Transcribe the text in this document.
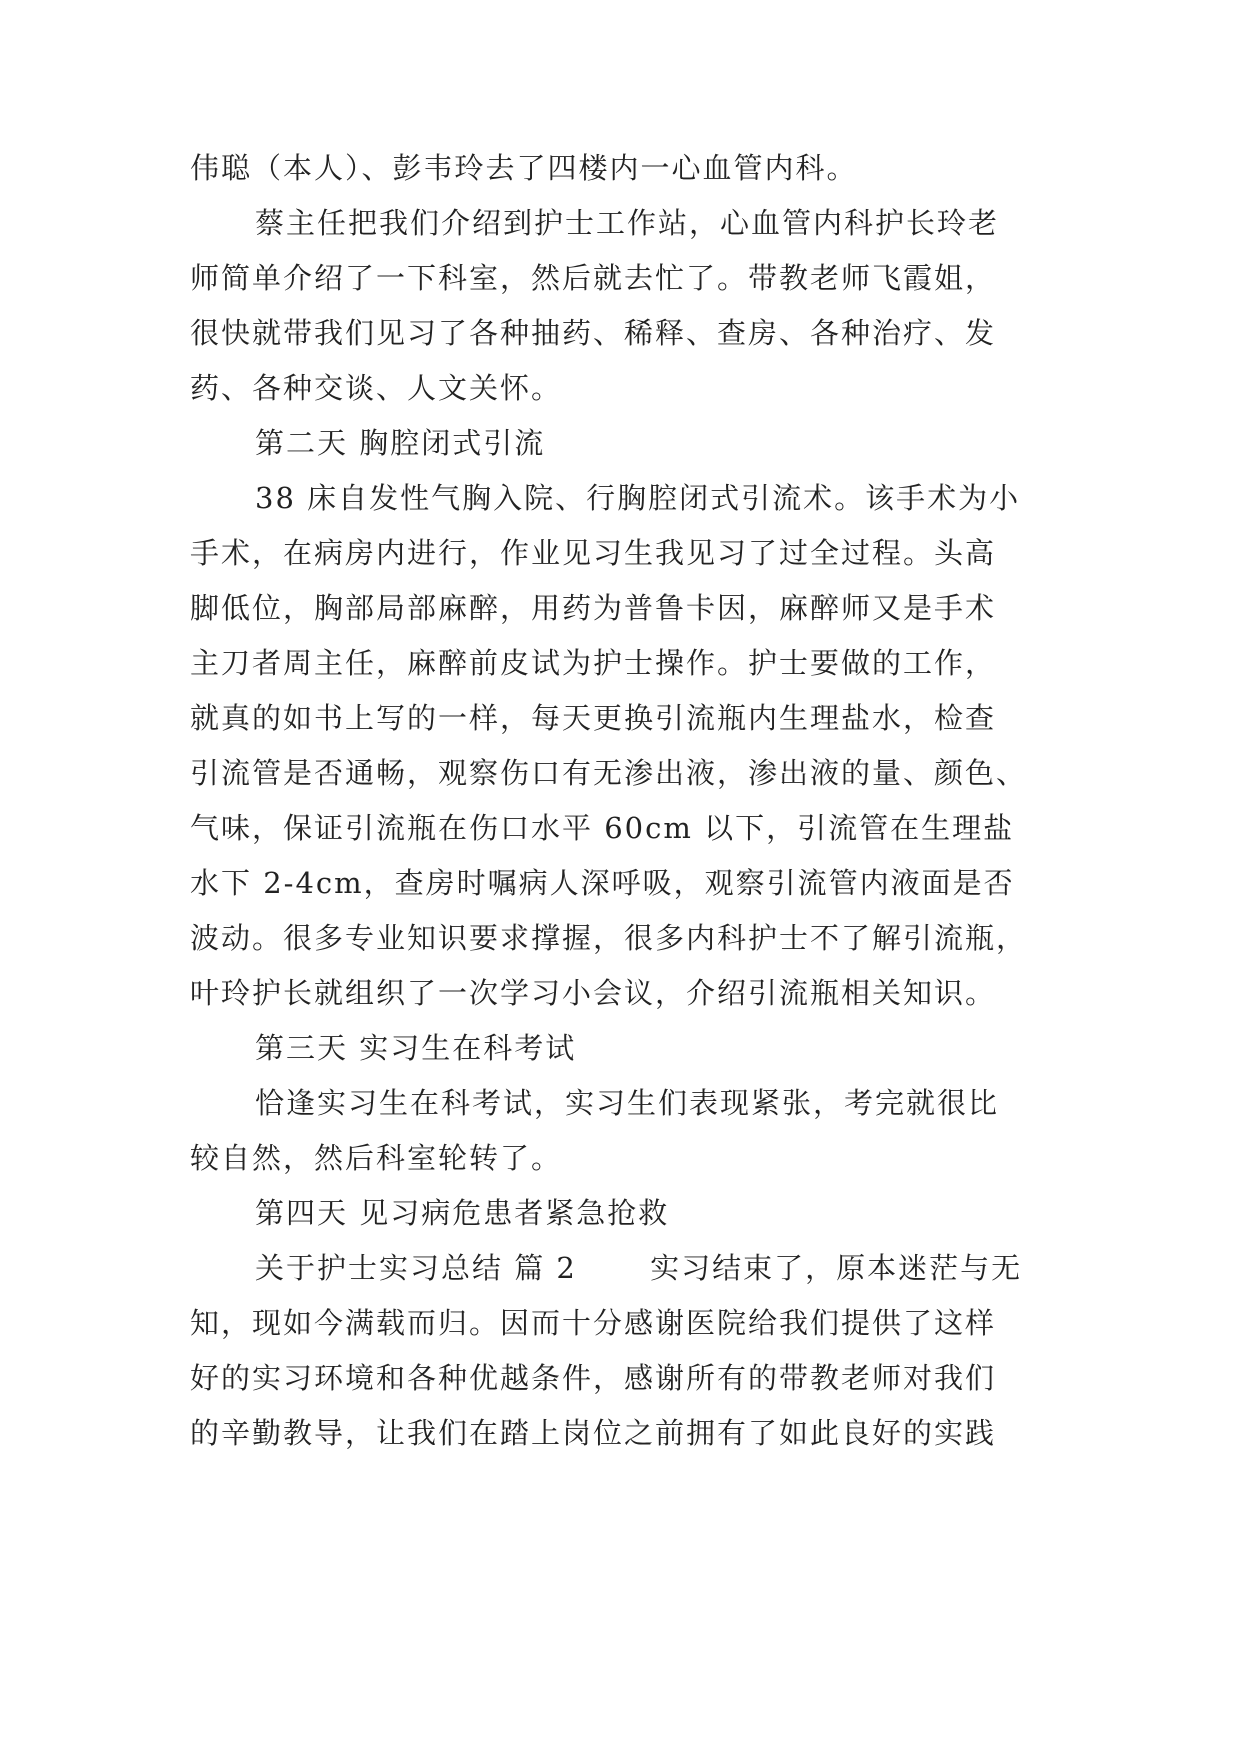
伟聪（本人）、彭韦玲去了四楼内一心血管内科。

蔡主任把我们介绍到护士工作站，心血管内科护长玲老

师简单介绍了一下科室，然后就去忙了。带教老师飞霞姐，

很快就带我们见习了各种抽药、稀释、查房、各种治疗、发

药、各种交谈、人文关怀。

第二天 胸腔闭式引流

38 床自发性气胸入院、行胸腔闭式引流术。该手术为小

手术，在病房内进行，作业见习生我见习了过全过程。头高

脚低位，胸部局部麻醉，用药为普鲁卡因，麻醉师又是手术

主刀者周主任，麻醉前皮试为护士操作。护士要做的工作，

就真的如书上写的一样，每天更换引流瓶内生理盐水，检查

引流管是否通畅，观察伤口有无渗出液，渗出液的量、颜色、

气味，保证引流瓶在伤口水平 60cm 以下，引流管在生理盐

水下 2-4cm，查房时嘱病人深呼吸，观察引流管内液面是否

波动。很多专业知识要求撑握，很多内科护士不了解引流瓶，

叶玲护长就组织了一次学习小会议，介绍引流瓶相关知识。

第三天 实习生在科考试

恰逢实习生在科考试，实习生们表现紧张，考完就很比

较自然，然后科室轮转了。

第四天 见习病危患者紧急抢救

关于护士实习总结 篇 2 　　实习结束了，原本迷茫与无

知，现如今满载而归。因而十分感谢医院给我们提供了这样

好的实习环境和各种优越条件，感谢所有的带教老师对我们

的辛勤教导，让我们在踏上岗位之前拥有了如此良好的实践
